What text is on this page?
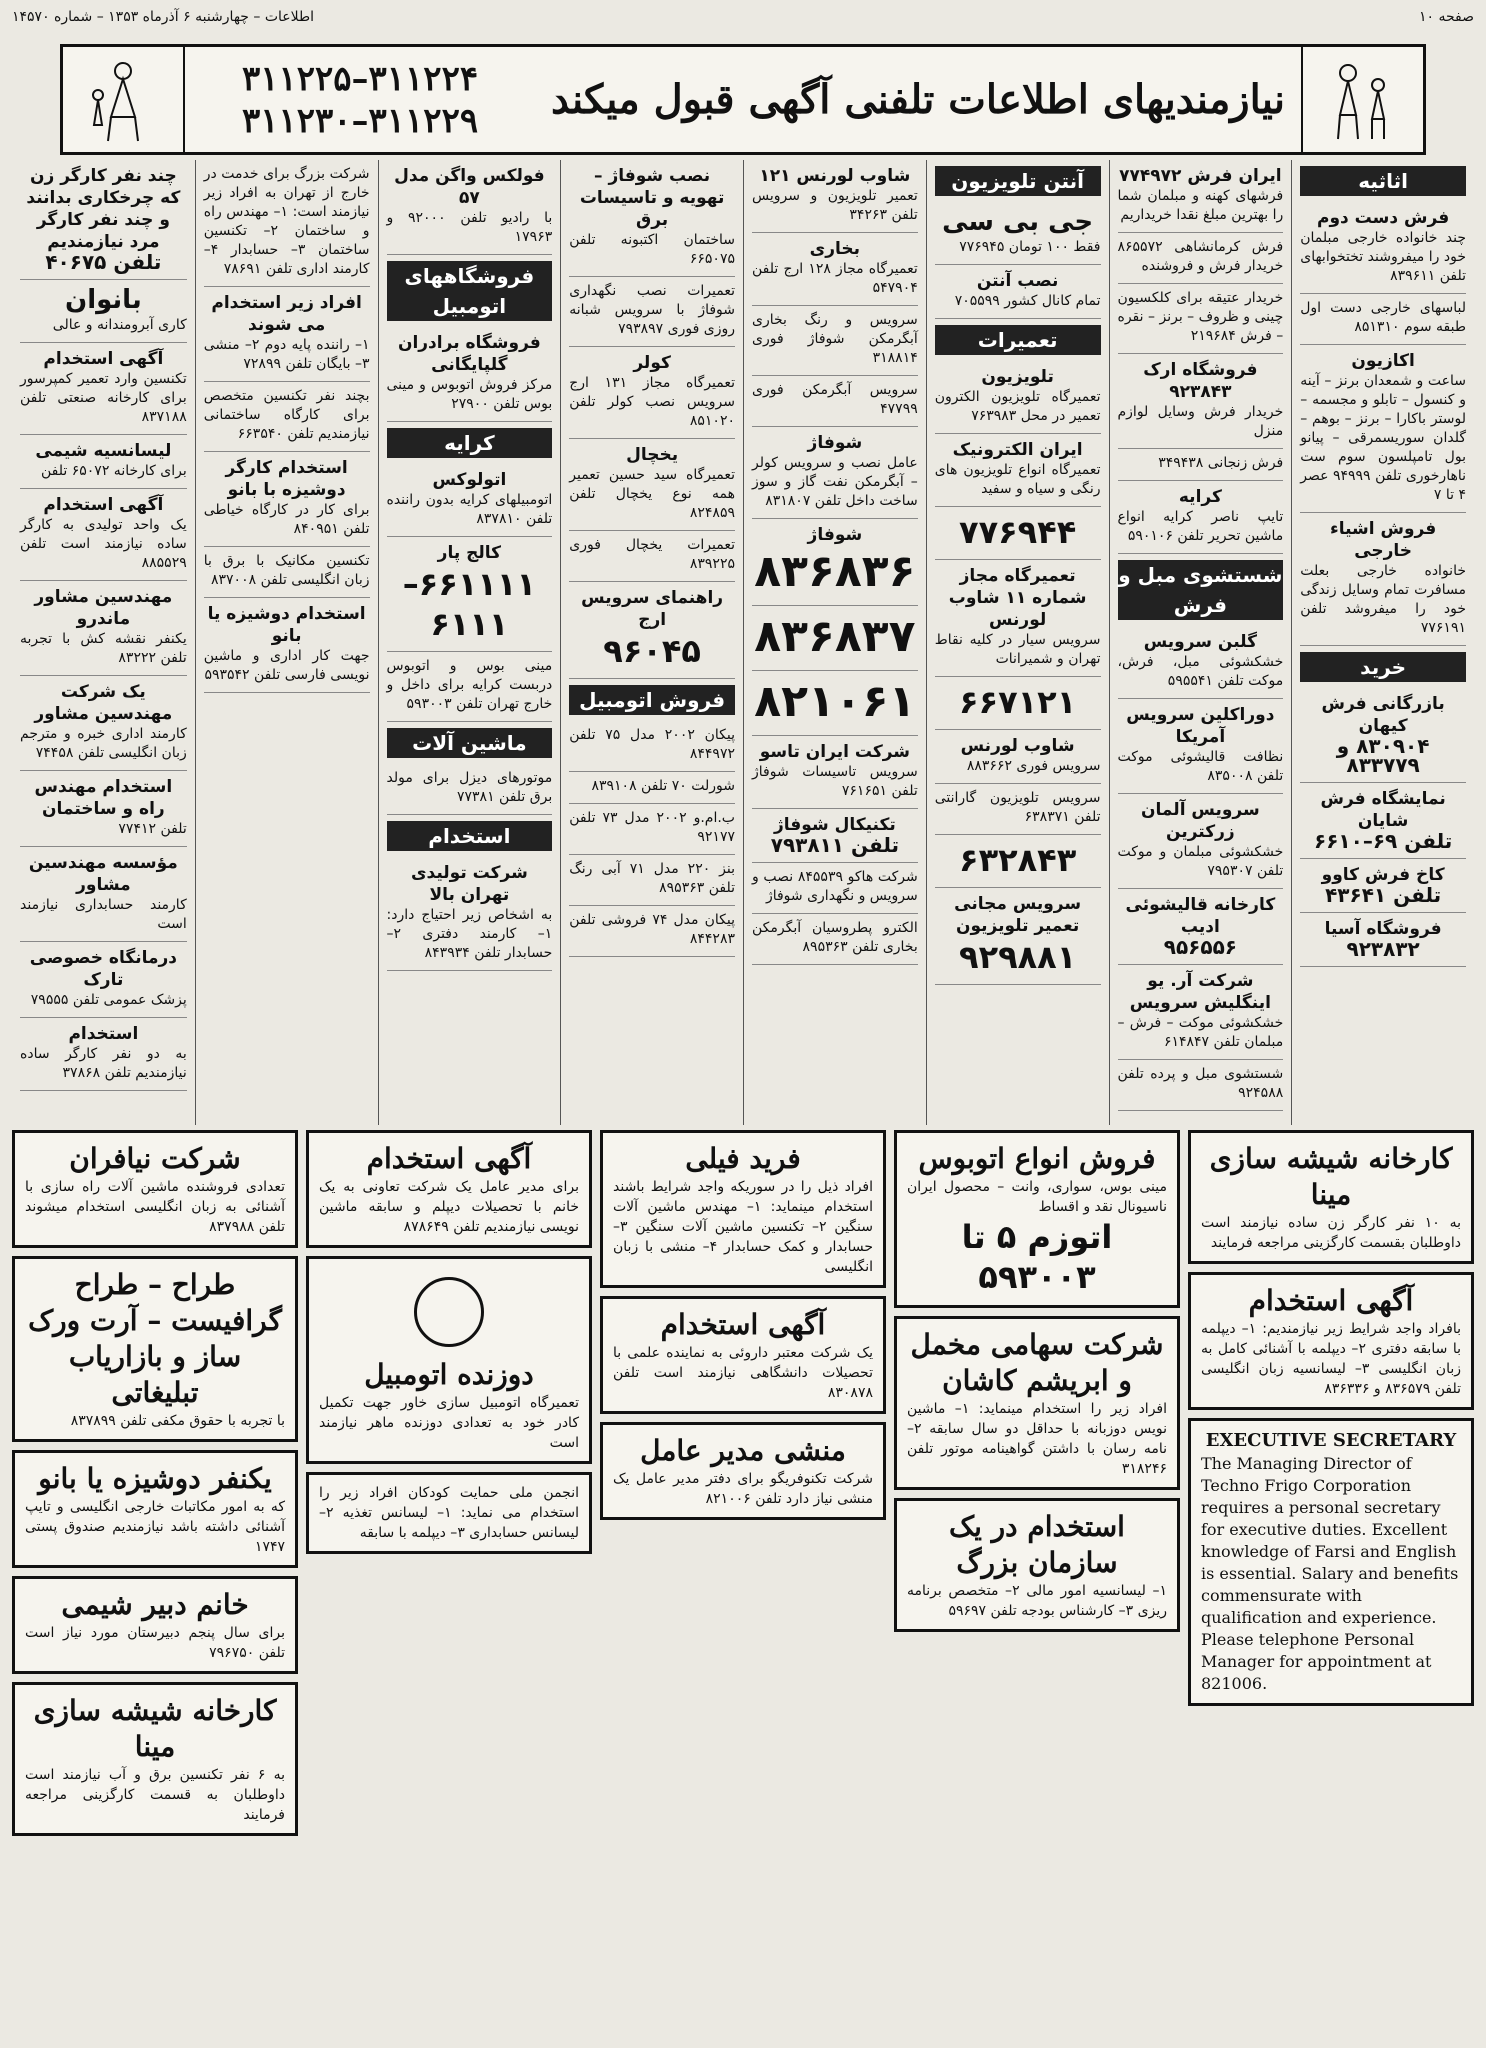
صفحه ۱۰
اطلاعات – چهارشنبه ۶ آذرماه ۱۳۵۳ – شماره ۱۴۵۷۰
نیازمندیهای اطلاعات تلفنی آگهی قبول میکند
۳۱۱۲۲۵–۳۱۱۲۲۴
۳۱۱۲۳۰–۳۱۱۲۲۹
اثاثیه
فرش دست دوم
چند خانواده خارجی مبلمان خود را میفروشند تختخوابهای تلفن ۸۳۹۶۱۱
لباسهای خارجی دست اول طبقه سوم ۸۵۱۳۱۰
اکازیون
ساعت و شمعدان برنز – آینه و کنسول – تابلو و مجسمه – لوستر باکارا – برنز – بوهم – گلدان سوریسمرقی – پیانو بول تامپلسون سوم ست ناهارخوری تلفن ۹۴۹۹۹ عصر ۴ تا ۷
فروش اشیاء خارجی
خانواده خارجی بعلت مسافرت تمام وسایل زندگی خود را میفروشد تلفن ۷۷۶۱۹۱
خرید
بازرگانی فرش کیهان
۸۳۰۹۰۴ و ۸۳۳۷۷۹
نمایشگاه فرش شایان
تلفن ۶۹–۶۶۱۰
کاخ فرش کاوو
تلفن ۴۳۶۴۱
فروشگاه آسیا
۹۲۳۸۳۲
ایران فرش ۷۷۴۹۷۲
فرشهای کهنه و مبلمان شما را بهترین مبلغ نقدا خریداریم
فرش کرمانشاهی ۸۶۵۵۷۲ خریدار فرش و فروشنده
خریدار عتیقه برای کلکسیون چینی و ظروف – برنز – نقره – فرش ۲۱۹۶۸۴
فروشگاه ارک ۹۲۳۸۴۳
خریدار فرش وسایل لوازم منزل
فرش زنجانی ۳۴۹۴۳۸
کرایه
تایپ ناصر کرایه انواع ماشین تحریر تلفن ۵۹۰۱۰۶
شستشوی مبل و فرش
گلبن سرویس
خشکشوئی مبل، فرش، موکت تلفن ۵۹۵۵۴۱
دوراکلین سرویس آمریکا
نظافت قالیشوئی موکت تلفن ۸۳۵۰۰۸
سرویس آلمان زرکترین
خشکشوئی مبلمان و موکت تلفن ۷۹۵۳۰۷
کارخانه قالیشوئی ادیب
۹۵۶۵۵۶
شرکت آر. یو اینگلیش سرویس
خشکشوئی موکت – فرش – مبلمان تلفن ۶۱۴۸۴۷
شستشوی مبل و پرده تلفن ۹۲۴۵۸۸
آنتن تلویزیون
جی بی سی
فقط ۱۰۰ تومان ۷۷۶۹۴۵
نصب آنتن
تمام کانال کشور ۷۰۵۵۹۹
تعمیرات
تلویزیون
تعمیرگاه تلویزیون الکترون تعمیر در محل ۷۶۳۹۸۳
ایران الکترونیک
تعمیرگاه انواع تلویزیون های رنگی و سیاه و سفید
۷۷۶۹۴۴
تعمیرگاه مجاز شماره ۱۱ شاوب لورنس
سرویس سیار در کلیه نقاط تهران و شمیرانات
۶۶۷۱۲۱
شاوب لورنس
سرویس فوری ۸۸۳۶۶۲
سرویس تلویزیون گارانتی تلفن ۶۳۸۳۷۱
۶۳۲۸۴۳
سرویس مجانی تعمیر تلویزیون
۹۲۹۸۸۱
شاوب لورنس ۱۲۱
تعمیر تلویزیون و سرویس تلفن ۳۴۲۶۳
بخاری
تعمیرگاه مجاز ۱۲۸ ارج تلفن ۵۴۷۹۰۴
سرویس و رنگ بخاری آبگرمکن شوفاژ فوری ۳۱۸۸۱۴
سرویس آبگرمکن فوری ۴۷۷۹۹
شوفاژ
عامل نصب و سرویس کولر – آبگرمکن نفت گاز و سوز ساخت داخل تلفن ۸۳۱۸۰۷
شوفاژ
۸۳۶۸۳۶
۸۳۶۸۳۷
۸۲۱۰۶۱
شرکت ایران تاسو
سرویس تاسیسات شوفاژ تلفن ۷۶۱۶۵۱
تکنیکال شوفاژ
تلفن ۷۹۳۸۱۱
شرکت هاکو ۸۴۵۵۳۹ نصب و سرویس و نگهداری شوفاژ
الکترو پطروسیان آبگرمکن بخاری تلفن ۸۹۵۳۶۳
نصب شوفاژ – تهویه و تاسیسات برق
ساختمان اکتبونه تلفن ۶۶۵۰۷۵
تعمیرات نصب نگهداری شوفاژ با سرویس شبانه روزی فوری ۷۹۳۸۹۷
کولر
تعمیرگاه مجاز ۱۳۱ ارج سرویس نصب کولر تلفن ۸۵۱۰۲۰
یخچال
تعمیرگاه سید حسین تعمیر همه نوع یخچال تلفن ۸۲۴۸۵۹
تعمیرات یخچال فوری ۸۳۹۲۲۵
راهنمای سرویس ارج
۹۶۰۴۵
فروش اتومبیل
پیکان ۲۰۰۲ مدل ۷۵ تلفن ۸۴۴۹۷۲
شورلت ۷۰ تلفن ۸۳۹۱۰۸
ب.ام.و ۲۰۰۲ مدل ۷۳ تلفن ۹۲۱۷۷
بنز ۲۲۰ مدل ۷۱ آبی رنگ تلفن ۸۹۵۳۶۳
پیکان مدل ۷۴ فروشی تلفن ۸۴۴۲۸۳
فولکس واگن مدل ۵۷
با رادیو تلفن ۹۲۰۰۰ و ۱۷۹۶۳
فروشگاههای اتومبیل
فروشگاه برادران گلپایگانی
مرکز فروش اتوبوس و مینی بوس تلفن ۲۷۹۰۰
کرایه
اتولوکس
اتومبیلهای کرایه بدون راننده تلفن ۸۳۷۸۱۰
کالج پار
۶۶۱۱۱۱–۶۱۱۱
مینی بوس و اتوبوس دربست کرایه برای داخل و خارج تهران تلفن ۵۹۳۰۰۳
ماشین آلات
موتورهای دیزل برای مولد برق تلفن ۷۷۳۸۱
استخدام
شرکت تولیدی تهران بالا
به اشخاص زیر احتیاج دارد: ۱– کارمند دفتری ۲– حسابدار تلفن ۸۴۳۹۳۴
شرکت بزرگ برای خدمت در خارج از تهران به افراد زیر نیازمند است: ۱– مهندس راه و ساختمان ۲– تکنسین ساختمان ۳– حسابدار ۴– کارمند اداری تلفن ۷۸۶۹۱
افراد زیر استخدام می شوند
۱– راننده پایه دوم ۲– منشی ۳– بایگان تلفن ۷۲۸۹۹
بچند نفر تکنسین متخصص برای کارگاه ساختمانی نیازمندیم تلفن ۶۶۳۵۴۰
استخدام کارگر دوشیزه با بانو
برای کار در کارگاه خیاطی تلفن ۸۴۰۹۵۱
تکنسین مکانیک با برق با زبان انگلیسی تلفن ۸۳۷۰۰۸
استخدام دوشیزه یا بانو
جهت کار اداری و ماشین نویسی فارسی تلفن ۵۹۳۵۴۲
چند نفر کارگر زن که چرخکاری بدانند و چند نفر کارگر مرد نیازمندیم
تلفن ۴۰۶۷۵
بانوان
کاری آبرومندانه و عالی
آگهی استخدام
تکنسین وارد تعمیر کمپرسور برای کارخانه صنعتی تلفن ۸۳۷۱۸۸
لیسانسیه شیمی
برای کارخانه ۶۵۰۷۲ تلفن
آگهی استخدام
یک واحد تولیدی به کارگر ساده نیازمند است تلفن ۸۸۵۵۲۹
مهندسین مشاور ماندرو
یکنفر نقشه کش با تجربه تلفن ۸۳۲۲۲
یک شرکت مهندسین مشاور
کارمند اداری خبره و مترجم زبان انگلیسی تلفن ۷۴۴۵۸
استخدام مهندس راه و ساختمان
تلفن ۷۷۴۱۲
مؤسسه مهندسین مشاور
کارمند حسابداری نیازمند است
درمانگاه خصوصی تارک
پزشک عمومی تلفن ۷۹۵۵۵
استخدام
به دو نفر کارگر ساده نیازمندیم تلفن ۳۷۸۶۸
کارخانه شیشه سازی مینا
به ۱۰ نفر کارگر زن ساده نیازمند است داوطلبان بقسمت کارگزینی مراجعه فرمایند
آگهی استخدام
بافراد واجد شرایط زیر نیازمندیم: ۱– دیپلمه با سابقه دفتری ۲– دیپلمه با آشنائی کامل به زبان انگلیسی ۳– لیسانسیه زبان انگلیسی تلفن ۸۳۶۵۷۹ و ۸۳۶۳۳۶
EXECUTIVE SECRETARY
The Managing Director of Techno Frigo Corporation requires a personal secretary for executive duties. Excellent knowledge of Farsi and English is essential. Salary and benefits commensurate with qualification and experience. Please telephone Personal Manager for appointment at 821006.
فروش انواع اتوبوس
مینی بوس، سواری، وانت – محصول ایران ناسیونال نقد و اقساط
اتوزم ۵ تا ۵۹۳۰۰۳
شرکت سهامی مخمل و ابریشم کاشان
افراد زیر را استخدام مینماید: ۱– ماشین نویس دوزبانه با حداقل دو سال سابقه ۲– نامه رسان با داشتن گواهینامه موتور تلفن ۳۱۸۲۴۶
استخدام در یک سازمان بزرگ
۱– لیسانسیه امور مالی ۲– متخصص برنامه ریزی ۳– کارشناس بودجه تلفن ۵۹۶۹۷
فرید فیلی
افراد ذیل را در سوریکه واجد شرایط باشند استخدام مینماید: ۱– مهندس ماشین آلات سنگین ۲– تکنسین ماشین آلات سنگین ۳– حسابدار و کمک حسابدار ۴– منشی با زبان انگلیسی
آگهی استخدام
یک شرکت معتبر داروئی به نماینده علمی با تحصیلات دانشگاهی نیازمند است تلفن ۸۳۰۸۷۸
منشی مدیر عامل
شرکت تکنوفریگو برای دفتر مدیر عامل یک منشی نیاز دارد تلفن ۸۲۱۰۰۶
آگهی استخدام
برای مدیر عامل یک شرکت تعاونی به یک خانم با تحصیلات دیپلم و سابقه ماشین نویسی نیازمندیم تلفن ۸۷۸۶۴۹
دوزنده اتومبیل
تعمیرگاه اتومبیل سازی خاور جهت تکمیل کادر خود به تعدادی دوزنده ماهر نیازمند است
انجمن ملی حمایت کودکان افراد زیر را استخدام می نماید: ۱– لیسانس تغذیه ۲– لیسانس حسابداری ۳– دیپلمه با سابقه
شرکت نیافران
تعدادی فروشنده ماشین آلات راه سازی با آشنائی به زبان انگلیسی استخدام میشوند تلفن ۸۳۷۹۸۸
طراح – طراح گرافیست – آرت ورک ساز و بازاریاب تبلیغاتی
با تجربه با حقوق مکفی تلفن ۸۳۷۸۹۹
یکنفر دوشیزه یا بانو
که به امور مکاتبات خارجی انگلیسی و تایپ آشنائی داشته باشد نیازمندیم صندوق پستی ۱۷۴۷
خانم دبیر شیمی
برای سال پنجم دبیرستان مورد نیاز است تلفن ۷۹۶۷۵۰
کارخانه شیشه سازی مینا
به ۶ نفر تکنسین برق و آب نیازمند است داوطلبان به قسمت کارگزینی مراجعه فرمایند
